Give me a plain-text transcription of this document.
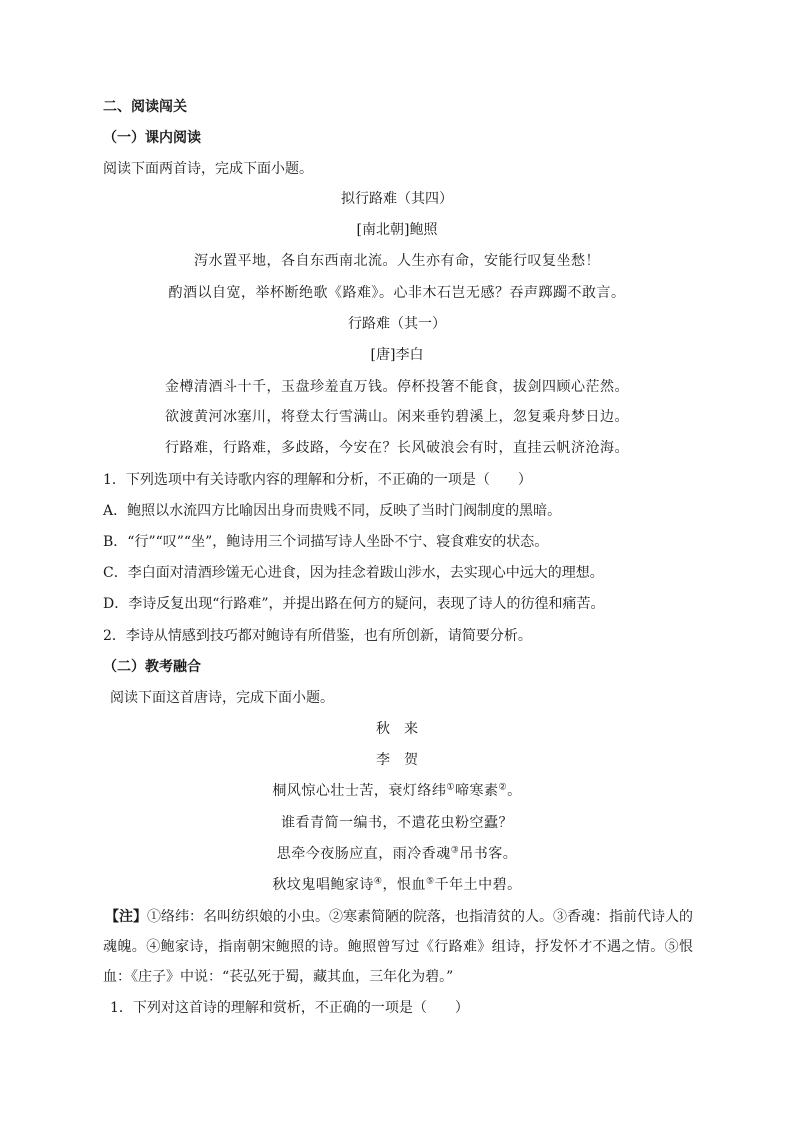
二、阅读闯关
（一）课内阅读
阅读下面两首诗，完成下面小题。
拟行路难（其四）
[南北朝]鲍照
泻水置平地，各自东西南北流。人生亦有命，安能行叹复坐愁！
酌酒以自宽，举杯断绝歌《路难》。心非木石岂无感？吞声踯躅不敢言。
行路难（其一）
[唐]李白
金樽清酒斗十千，玉盘珍羞直万钱。停杯投箸不能食，拔剑四顾心茫然。
欲渡黄河冰塞川，将登太行雪满山。闲来垂钓碧溪上，忽复乘舟梦日边。
行路难，行路难，多歧路，今安在？长风破浪会有时，直挂云帆济沧海。
1．下列选项中有关诗歌内容的理解和分析，不正确的一项是（　　）
A．鲍照以水流四方比喻因出身而贵贱不同，反映了当时门阀制度的黑暗。
B．“行”“叹”“坐”，鲍诗用三个词描写诗人坐卧不宁、寝食难安的状态。
C．李白面对清酒珍馐无心进食，因为挂念着跋山涉水，去实现心中远大的理想。
D．李诗反复出现“行路难”，并提出路在何方的疑问，表现了诗人的彷徨和痛苦。
2．李诗从情感到技巧都对鲍诗有所借鉴，也有所创新，请简要分析。
（二）教考融合
阅读下面这首唐诗，完成下面小题。
秋　来
李　贺
桐风惊心壮士苦，衰灯络纬①啼寒素②。
谁看青简一编书，不遣花虫粉空蠹？
思牵今夜肠应直，雨冷香魂③吊书客。
秋坟鬼唱鲍家诗④，恨血⑤千年土中碧。
【注】①络纬：名叫纺织娘的小虫。②寒素简陋的院落，也指清贫的人。③香魂：指前代诗人的魂魄。④鲍家诗，指南朝宋鲍照的诗。鲍照曾写过《行路难》组诗，抒发怀才不遇之情。⑤恨血：《庄子》中说：“苌弘死于蜀，藏其血，三年化为碧。”
1．下列对这首诗的理解和赏析，不正确的一项是（　　）
